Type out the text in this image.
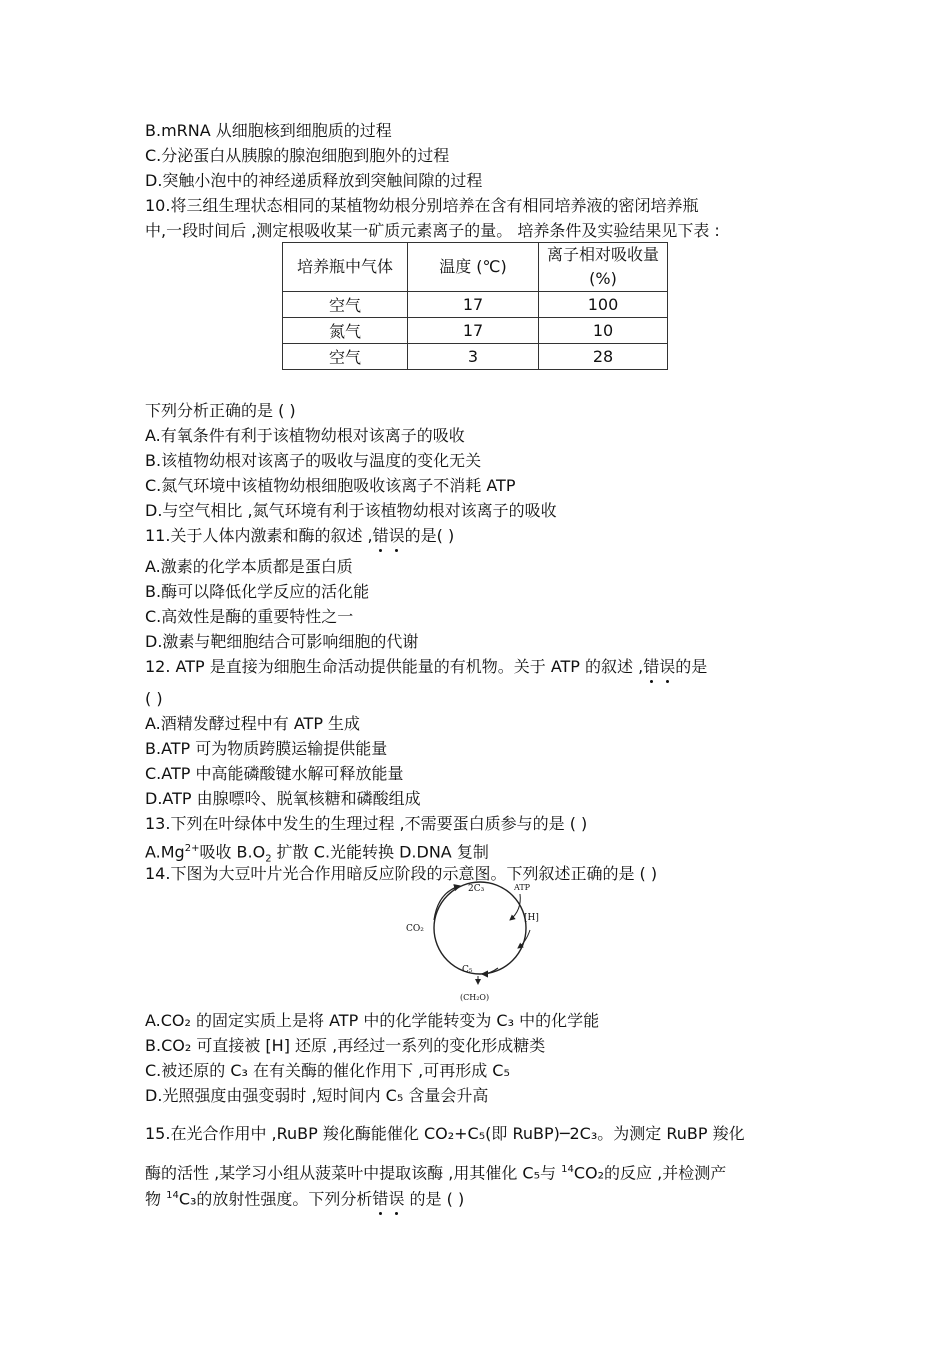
B.mRNA 从细胞核到细胞质的过程
C.分泌蛋白从胰腺的腺泡细胞到胞外的过程
D.突触小泡中的神经递质释放到突触间隙的过程
10.将三组生理状态相同的某植物幼根分别培养在含有相同培养液的密闭培养瓶
中,一段时间后 ,测定根吸收某一矿质元素离子的量。 培养条件及实验结果见下表 :
培养瓶中气体	温度 (℃)	离子相对吸收量(%)
空气	17	100
氮气	17	10
空气	3	28
下列分析正确的是 ( )
A.有氧条件有利于该植物幼根对该离子的吸收
B.该植物幼根对该离子的吸收与温度的变化无关
C.氮气环境中该植物幼根细胞吸收该离子不消耗 ATP
D.与空气相比 ,氮气环境有利于该植物幼根对该离子的吸收
11.关于人体内激素和酶的叙述 ,错误的是( )
A.激素的化学本质都是蛋白质
B.酶可以降低化学反应的活化能
C.高效性是酶的重要特性之一
D.激素与靶细胞结合可影响细胞的代谢
12. ATP 是直接为细胞生命活动提供能量的有机物。关于 ATP 的叙述 ,错误的是
( )
A.酒精发酵过程中有 ATP 生成
B.ATP 可为物质跨膜运输提供能量
C.ATP 中高能磷酸键水解可释放能量
D.ATP 由腺嘌呤、脱氧核糖和磷酸组成
13.下列在叶绿体中发生的生理过程 ,不需要蛋白质参与的是 ( )
$A.Mg^{2+}$吸收 $B.O_2$ 扩散 C.光能转换 D.DNA 复制
14.下图为大豆叶片光合作用暗反应阶段的示意图。下列叙述正确的是 ( )
2C₃	ATP
[H]
CO₂
C₅
(CH₂O)
A.CO₂ 的固定实质上是将 ATP 中的化学能转变为 C₃ 中的化学能
B.CO₂ 可直接被 [H] 还原 ,再经过一系列的变化形成糖类
C.被还原的 C₃ 在有关酶的催化作用下 ,可再形成 C₅
D.光照强度由强变弱时 ,短时间内 C₅ 含量会升高
15.在光合作用中 ,RuBP 羧化酶能催化 CO₂+C₅(即 RuBP)─2C₃。为测定 RuBP 羧化
酶的活性 ,某学习小组从菠菜叶中提取该酶 ,用其催化 C₅与 $^{14}$CO₂的反应 ,并检测产
物 $^{14}$C₃的放射性强度。下列分析错误 的是 ( )
